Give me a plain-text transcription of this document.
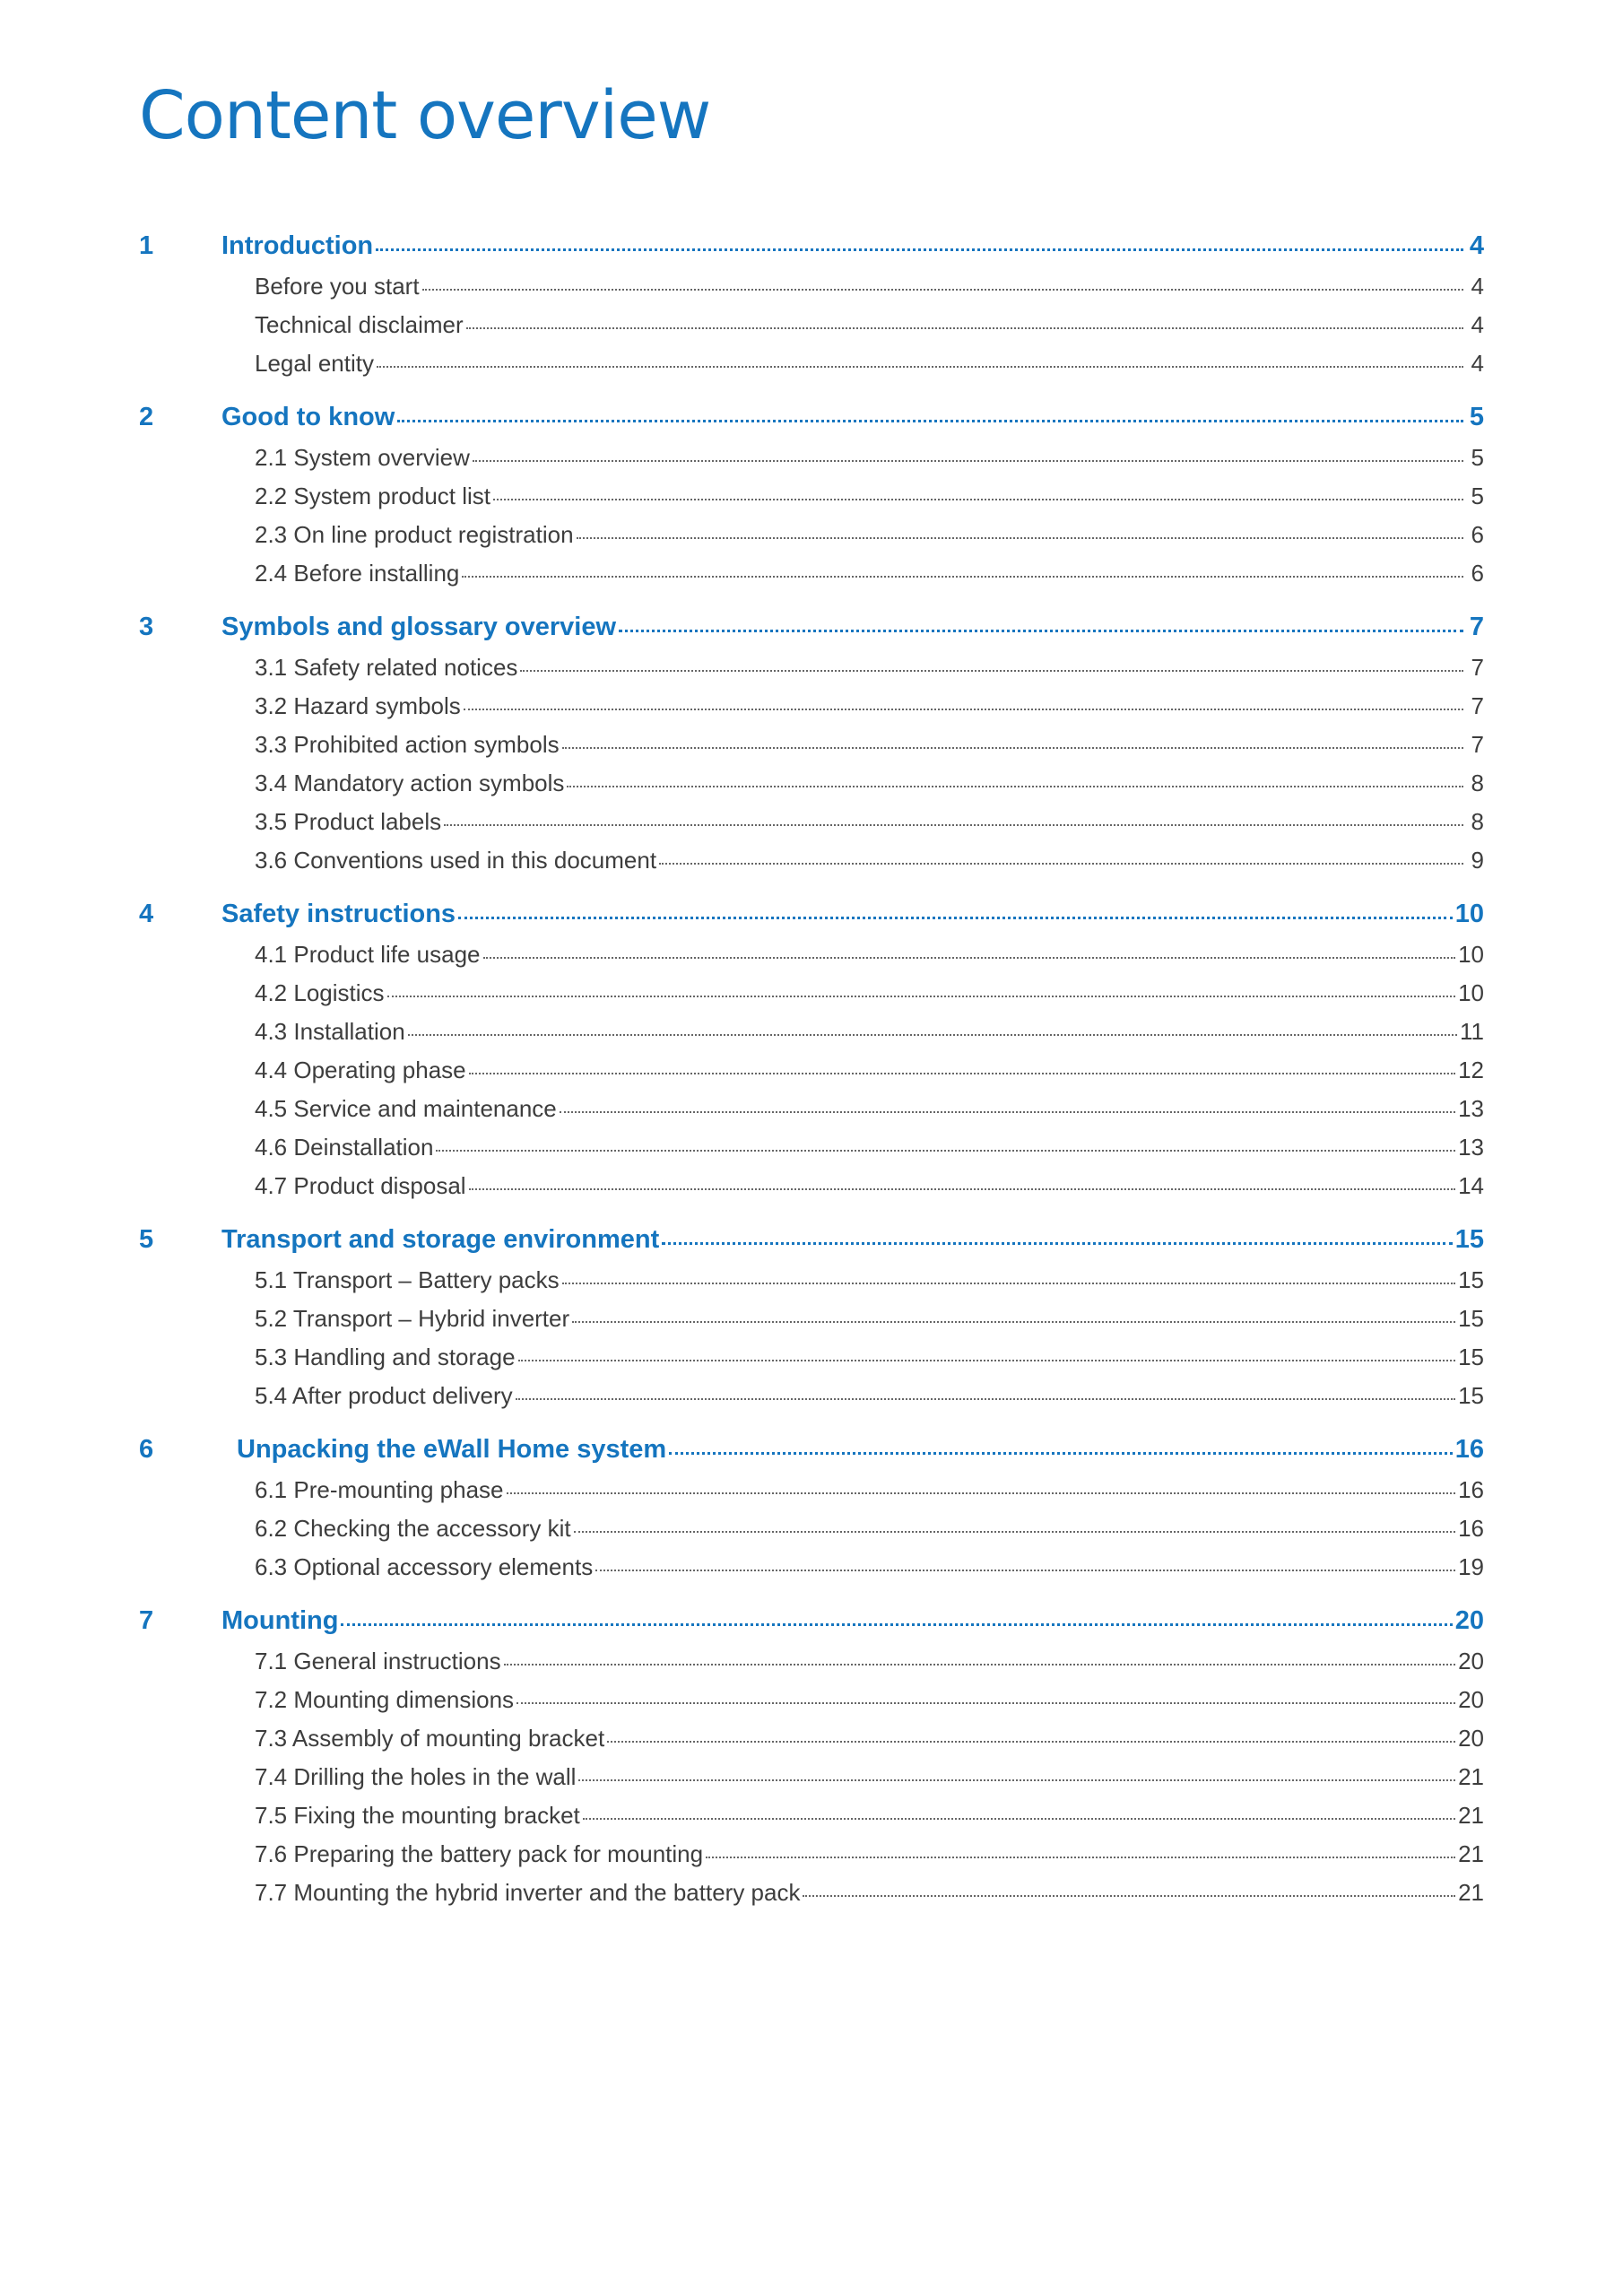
Content overview
1	Introduction	4
Before you start	4
Technical disclaimer	4
Legal entity	4
2	Good to know	5
2.1 System overview	5
2.2 System product list	5
2.3 On line product registration	6
2.4 Before installing	6
3	Symbols and glossary overview	7
3.1 Safety related notices	7
3.2 Hazard symbols	7
3.3 Prohibited action symbols	7
3.4 Mandatory action symbols	8
3.5 Product labels	8
3.6 Conventions used in this document	9
4	Safety instructions	10
4.1 Product life usage	10
4.2 Logistics	10
4.3 Installation	11
4.4 Operating phase	12
4.5 Service and maintenance	13
4.6 Deinstallation	13
4.7 Product disposal	14
5	Transport and storage environment	15
5.1 Transport – Battery packs	15
5.2 Transport – Hybrid inverter	15
5.3 Handling and storage	15
5.4 After product delivery	15
6	Unpacking the eWall Home system	16
6.1 Pre-mounting phase	16
6.2 Checking the accessory kit	16
6.3 Optional accessory elements	19
7	Mounting	20
7.1 General instructions	20
7.2 Mounting dimensions	20
7.3 Assembly of mounting bracket	20
7.4 Drilling the holes in the wall	21
7.5 Fixing the mounting bracket	21
7.6 Preparing the battery pack for mounting	21
7.7 Mounting the hybrid inverter and the battery pack	21
